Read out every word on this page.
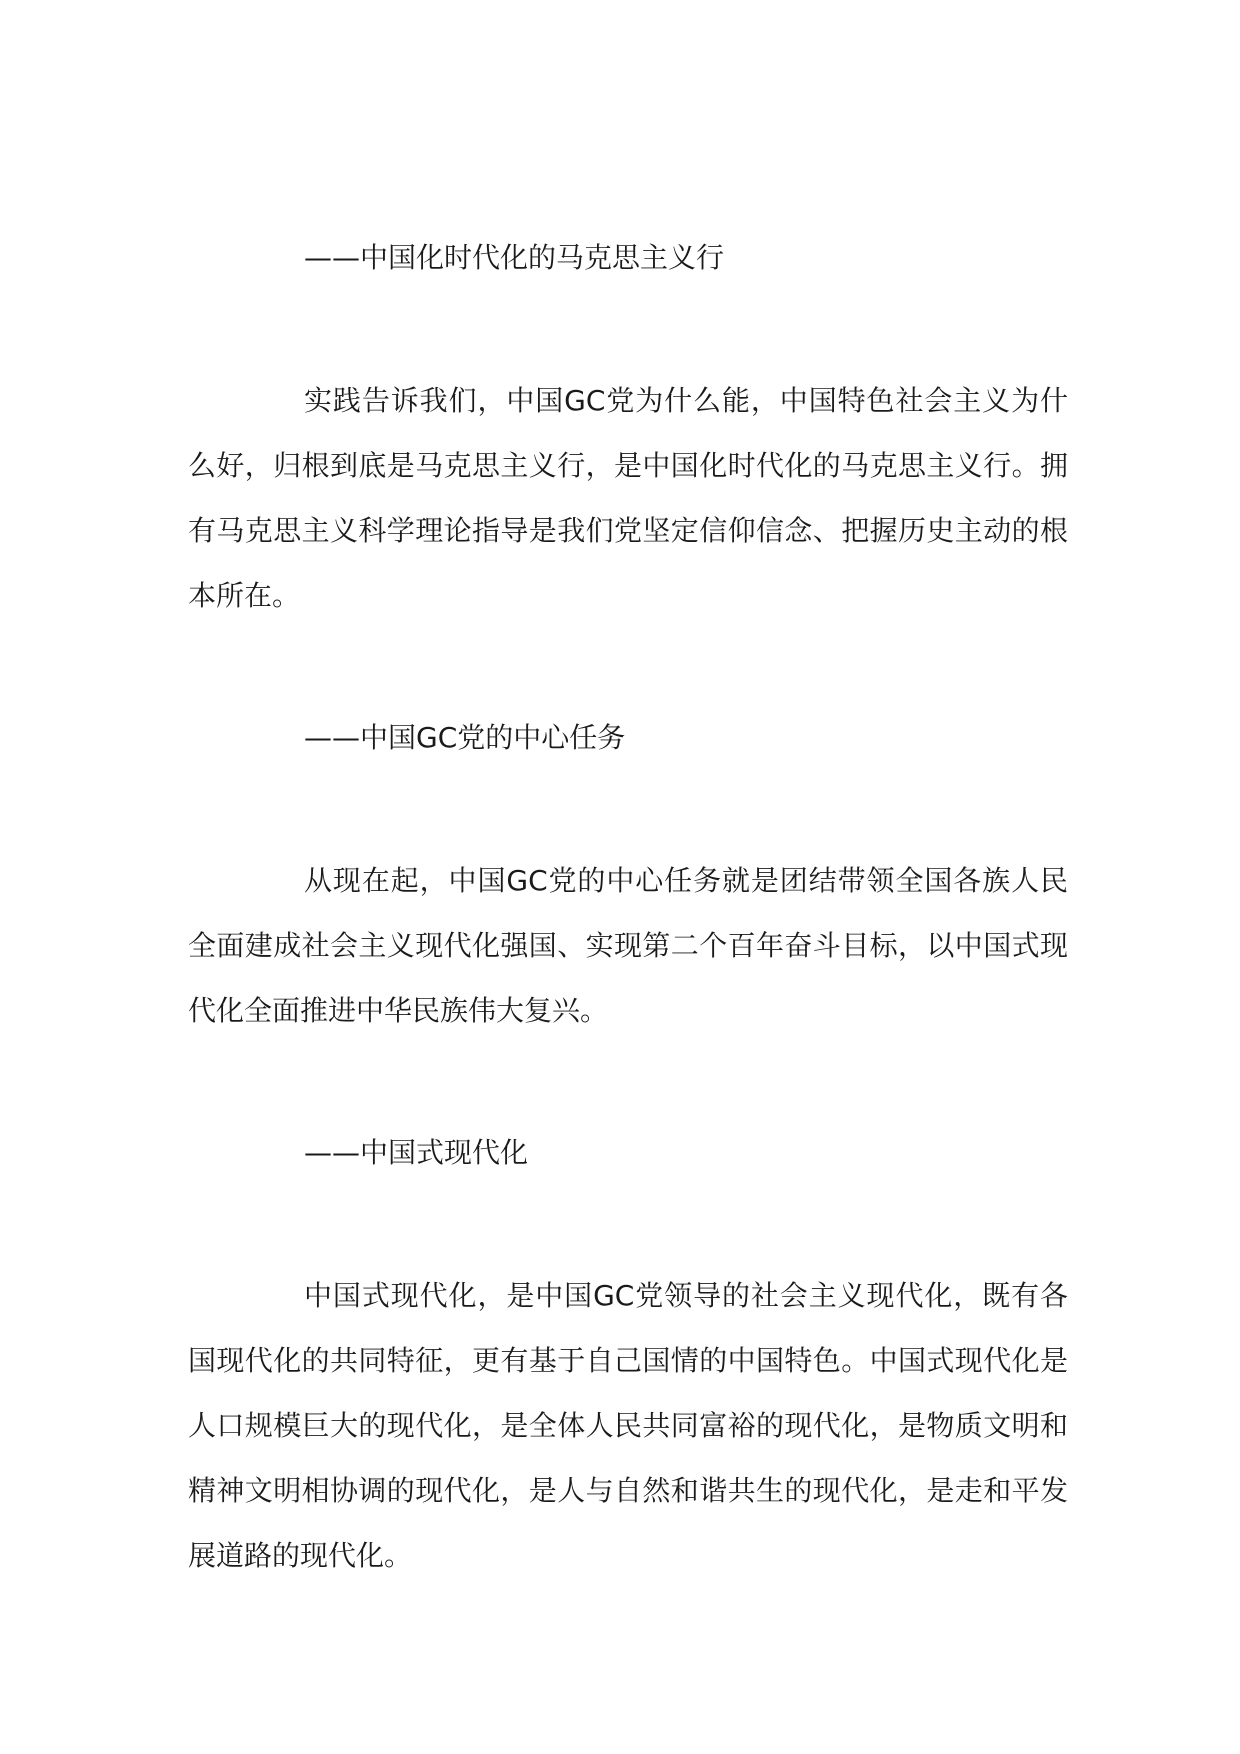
——中国化时代化的马克思主义行

实践告诉我们，中国GC党为什么能，中国特色社会主义为什么好，归根到底是马克思主义行，是中国化时代化的马克思主义行。拥有马克思主义科学理论指导是我们党坚定信仰信念、把握历史主动的根本所在。

——中国GC党的中心任务

从现在起，中国GC党的中心任务就是团结带领全国各族人民全面建成社会主义现代化强国、实现第二个百年奋斗目标，以中国式现代化全面推进中华民族伟大复兴。

——中国式现代化

中国式现代化，是中国GC党领导的社会主义现代化，既有各国现代化的共同特征，更有基于自己国情的中国特色。中国式现代化是人口规模巨大的现代化，是全体人民共同富裕的现代化，是物质文明和精神文明相协调的现代化，是人与自然和谐共生的现代化，是走和平发展道路的现代化。
